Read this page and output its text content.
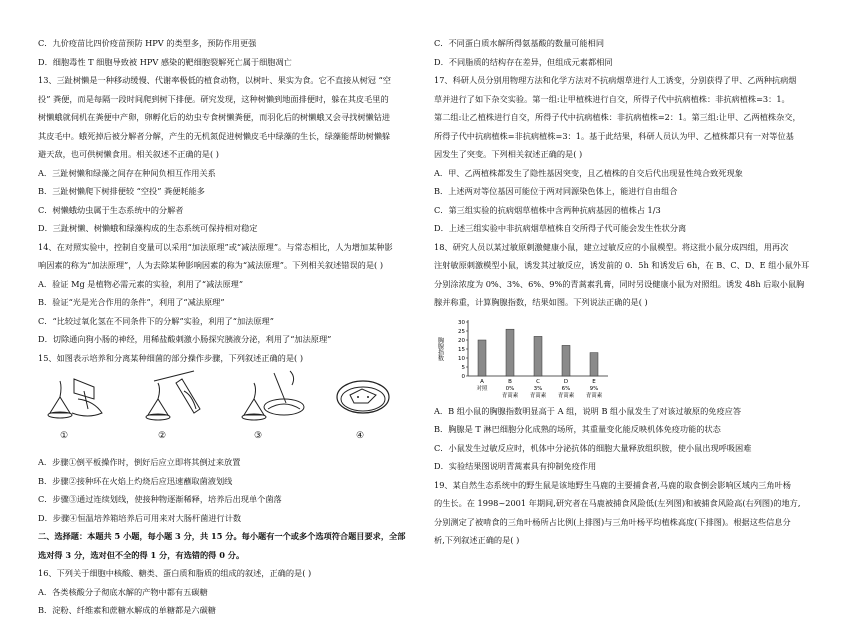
C．九价疫苗比四价疫苗预防 HPV 的类型多，预防作用更强
D．细胞毒性 T 细胞导致被 HPV 感染的靶细胞裂解死亡属于细胞凋亡
13、三趾树懒是一种移动缓慢、代谢率极低的植食动物，以树叶、果实为食。它不直接从树冠 “空
投” 粪便，而是每隔一段时间爬到树下排便。研究发现，这种树懒到地面排便时，躲在其皮毛里的
树懒蛾就伺机在粪便中产卵，卵孵化后的幼虫专食树懒粪便，而羽化后的树懒蛾又会寻找树懒钻进
其皮毛中。蛾死掉后被分解者分解，产生的无机氮促进树懒皮毛中绿藻的生长，绿藻能帮助树懒躲
避天敌，也可供树懒食用。相关叙述不正确的是( )
A．三趾树懒和绿藻之间存在种间负相互作用关系
B．三趾树懒爬下树排便较 “空投” 粪便耗能多
C．树懒蛾幼虫属于生态系统中的分解者
D．三趾树懒、树懒蛾和绿藻构成的生态系统可保持相对稳定
14、在对照实验中，控制自变量可以采用“加法原理”或“减法原理”。与常态相比，人为增加某种影
响因素的称为“加法原理”，人为去除某种影响因素的称为“减法原理”。下列相关叙述错误的是( )
A．验证 Mg 是植物必需元素的实验，利用了“减法原理”
B．验证“光是光合作用的条件”，利用了“减法原理”
C．“比较过氧化氢在不同条件下的分解”实验，利用了“加法原理”
D．切除通向狗小肠的神经，用稀盐酸刺激小肠探究胰液分泌，利用了“加法原理”
15、如图表示培养和分离某种细菌的部分操作步骤，下列叙述正确的是( )
①	②	③	④
A．步骤①倒平板操作时，倒好后应立即将其倒过来放置
B．步骤②接种环在火焰上灼烧后应迅速蘸取菌液划线
C．步骤③通过连续划线，使接种物逐渐稀释，培养后出现单个菌落
D．步骤④恒温培养箱培养后可用来对大肠杆菌进行计数
二、选择题：本题共 5 小题，每小题 3 分，共 15 分。每小题有一个或多个选项符合题目要求，全部
选对得 3 分，选对但不全的得 1 分，有选错的得 0 分。
16、下列关于细胞中核酸、糖类、蛋白质和脂质的组成的叙述，正确的是( )
A．各类核酸分子彻底水解的产物中都有五碳糖
B．淀粉、纤维素和蔗糖水解成的单糖都是六碳糖
C．不同蛋白质水解所得氨基酸的数量可能相同
D．不同脂质的结构存在差异，但组成元素都相同
17、科研人员分别用物理方法和化学方法对不抗病烟草进行人工诱变，分别获得了甲、乙两种抗病烟
草并进行了如下杂交实验。第一组:让甲植株进行自交，所得子代中抗病植株：非抗病植株=3：1。
第二组:让乙植株进行自交，所得子代中抗病植株：非抗病植株=2：1。第三组:让甲、乙两植株杂交，
所得子代中抗病植株=非抗病植株=3：1。基于此结果，科研人员认为甲、乙植株都只有一对等位基
因发生了突变。下列相关叙述正确的是( )
A．甲、乙两植株都发生了隐性基因突变，且乙植株的自交后代出现显性纯合致死现象
B．上述两对等位基因可能位于两对同源染色体上，能进行自由组合
C．第三组实验的抗病烟草植株中含两种抗病基因的植株占 1/3
D．上述三组实验中非抗病烟草植株自交所得子代可能会发生性状分离
18、研究人员以某过敏原刺激健康小鼠，建立过敏反应的小鼠模型。将这批小鼠分成四组，用再次
注射敏原刺激模型小鼠，诱发其过敏反应，诱发前的 0．5h 和诱发后 6h，在 B、C、D、E 组小鼠外耳
分别涂浓度为 0%、3%、6%、9%的青蒿素乳膏，同时另设健康小鼠为对照组。诱发 48h 后取小鼠胸
腺并称重，计算胸腺指数，结果如图。下列说法正确的是( )
胸腺指数
0
5
10
15
20
25
30
A
对照
B
0%
青蒿素
C
3%
青蒿素
D
6%
青蒿素
E
9%
青蒿素
A．B 组小鼠的胸腺指数明显高于 A 组，说明 B 组小鼠发生了对该过敏原的免疫应答
B．胸腺是 T 淋巴细胞分化成熟的场所，其重量变化能反映机体免疫功能的状态
C．小鼠发生过敏反应时，机体中分泌抗体的细胞大量释放组织胺，使小鼠出现呼吸困难
D．实验结果图说明青蒿素具有抑制免疫作用
19、某自然生态系统中的野生鼠是该地野生马鹿的主要捕食者,马鹿的取食倒会影响区域内三角叶杨
的生长。在 1998~2001 年期间,研究者在马鹿被捕食风险低(左列图)和被捕食风险高(右列图)的地方,
分别测定了被啃食的三角叶杨所占比例(上排图)与三角叶杨平均植株高度(下排图)。根据这些信息分
析,下列叙述正确的是( )
